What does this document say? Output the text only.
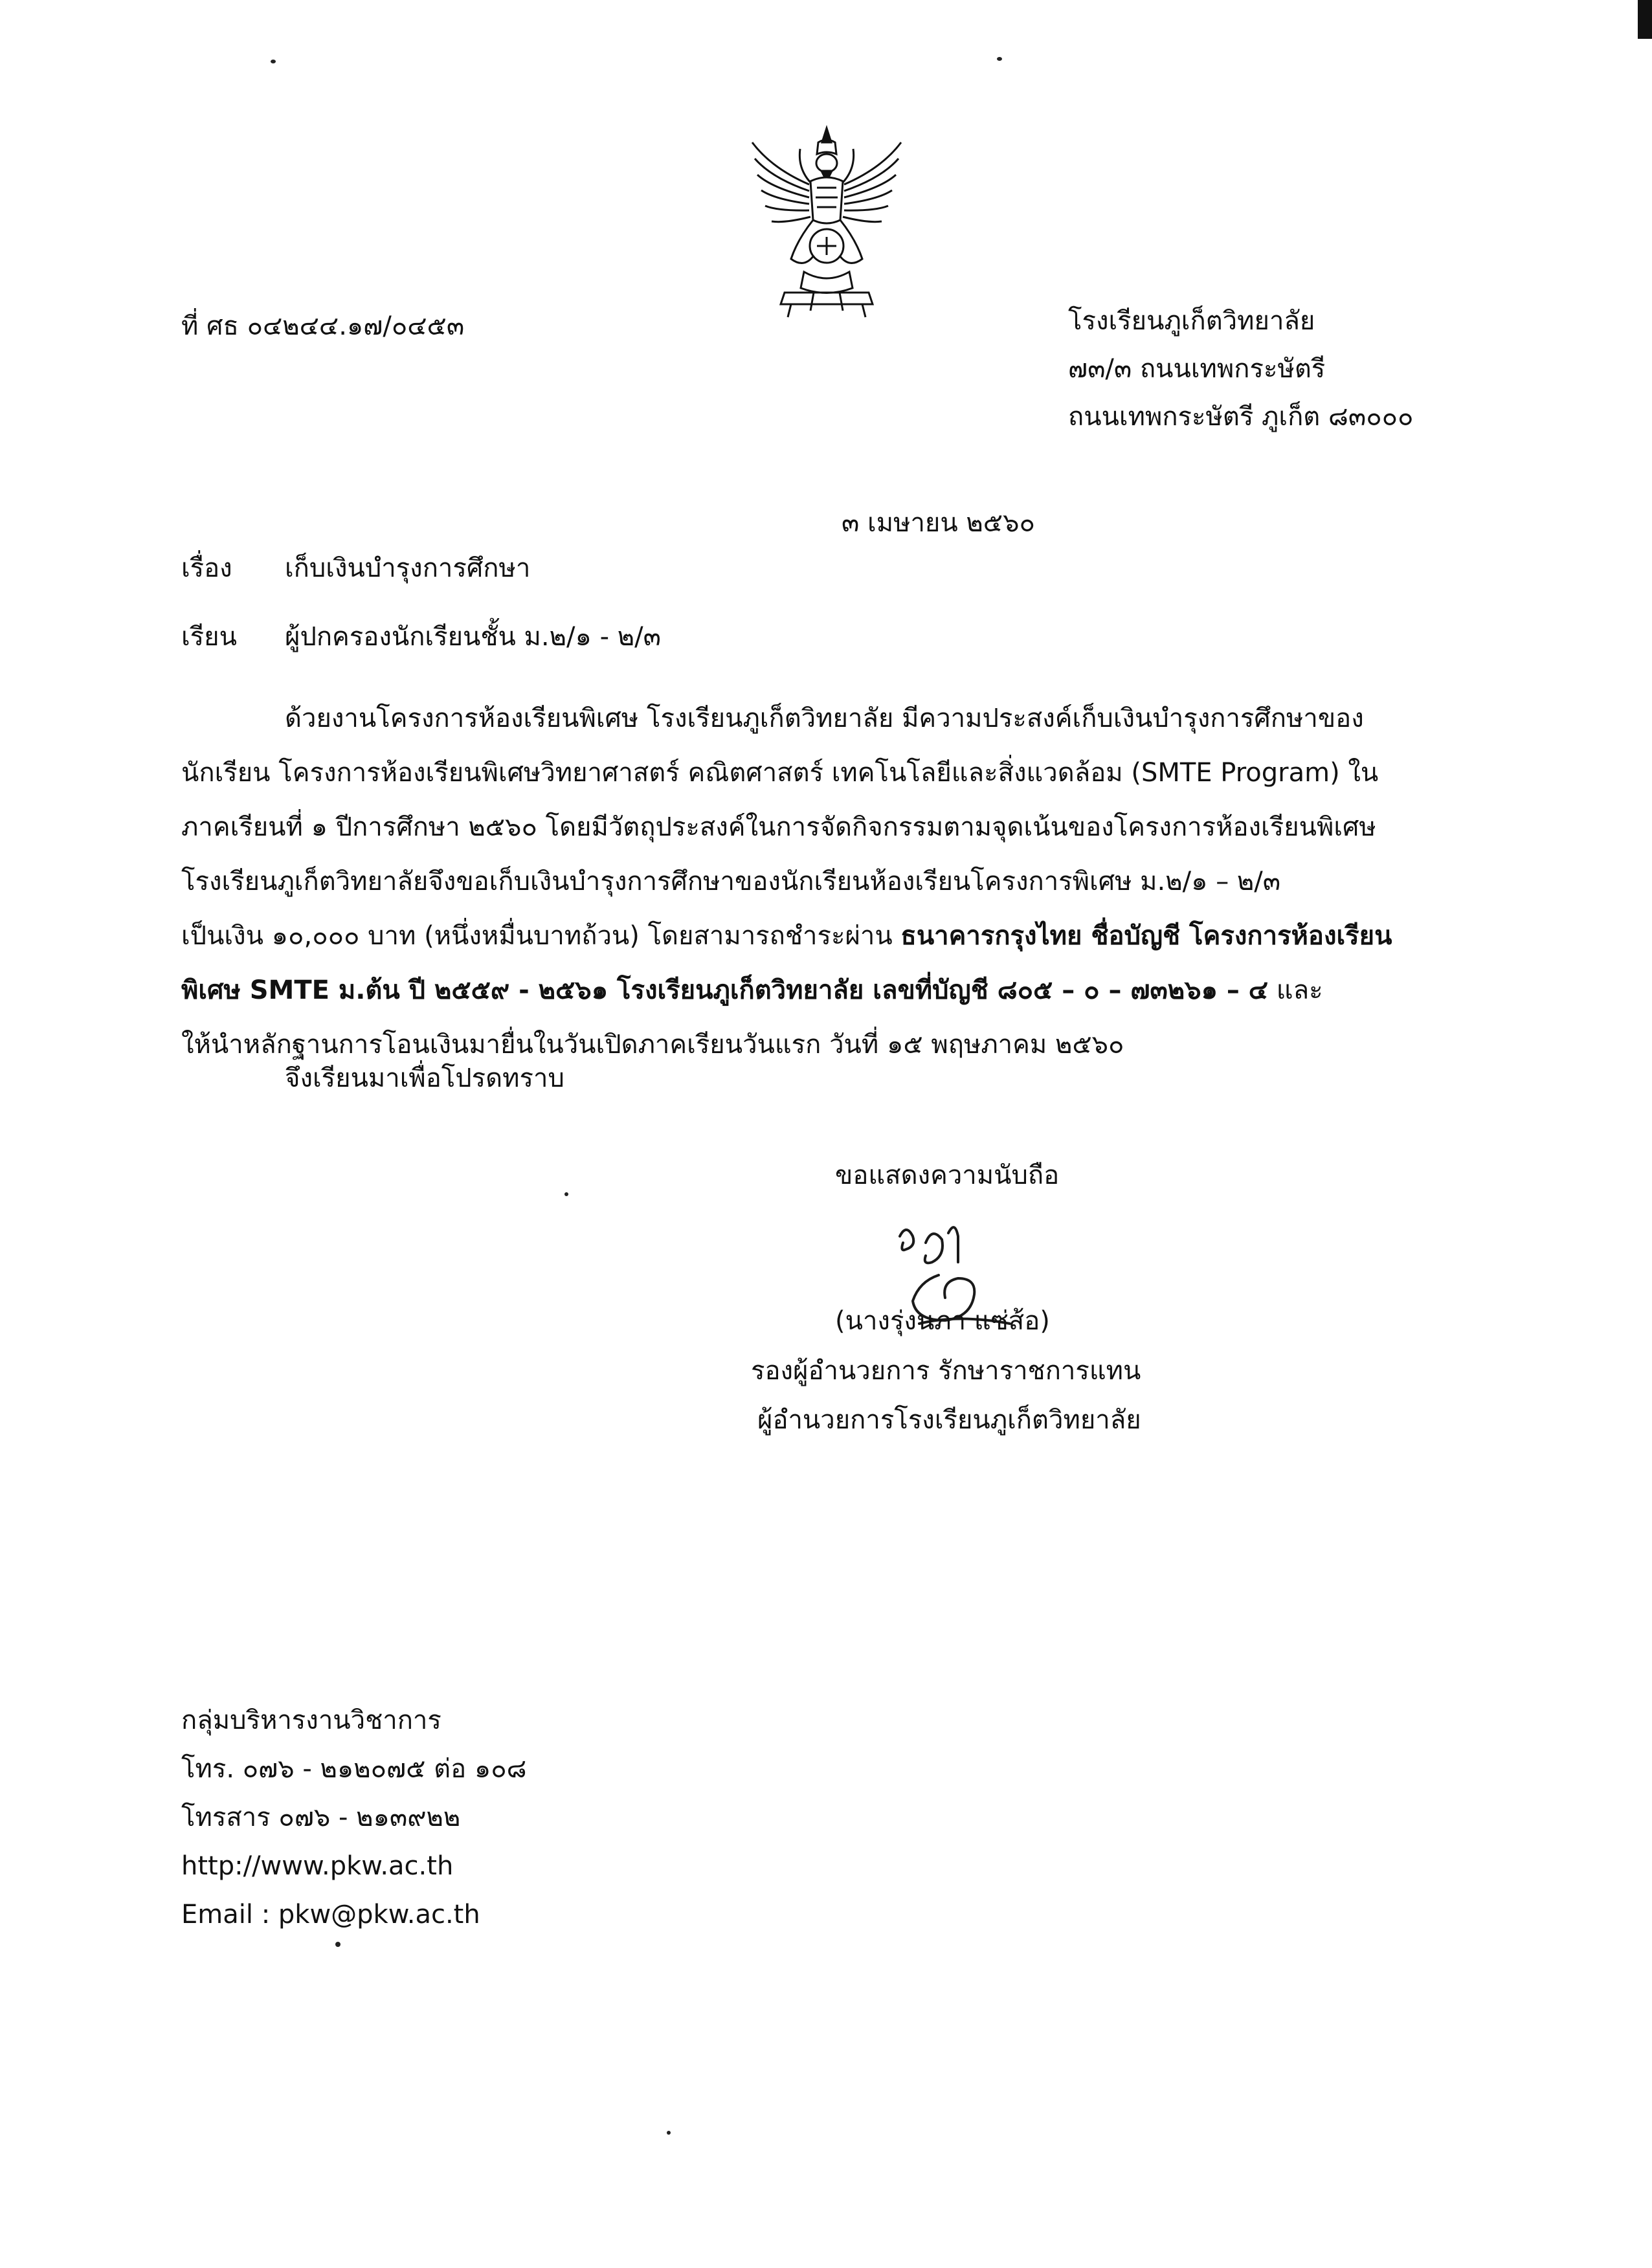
ที่ ศธ ๐๔๒๔๔.๑๗/๐๔๕๓	โรงเรียนภูเก็ตวิทยาลัย
๗๓/๓ ถนนเทพกระษัตรี
ถนนเทพกระษัตรี ภูเก็ต ๘๓๐๐๐
๓ เมษายน ๒๕๖๐
เรื่อง เก็บเงินบำรุงการศึกษา
เรียน ผู้ปกครองนักเรียนชั้น ม.๒/๑ - ๒/๓
ด้วยงานโครงการห้องเรียนพิเศษ โรงเรียนภูเก็ตวิทยาลัย มีความประสงค์เก็บเงินบำรุงการศึกษาของ
นักเรียน โครงการห้องเรียนพิเศษวิทยาศาสตร์ คณิตศาสตร์ เทคโนโลยีและสิ่งแวดล้อม (SMTE Program) ใน
ภาคเรียนที่ ๑ ปีการศึกษา ๒๕๖๐ โดยมีวัตถุประสงค์ในการจัดกิจกรรมตามจุดเน้นของโครงการห้องเรียนพิเศษ
โรงเรียนภูเก็ตวิทยาลัยจึงขอเก็บเงินบำรุงการศึกษาของนักเรียนห้องเรียนโครงการพิเศษ ม.๒/๑ – ๒/๓
เป็นเงิน ๑๐,๐๐๐ บาท (หนึ่งหมื่นบาทถ้วน) โดยสามารถชำระผ่าน ธนาคารกรุงไทย ชื่อบัญชี โครงการห้องเรียน
พิเศษ SMTE ม.ต้น ปี ๒๕๕๙ - ๒๕๖๑ โรงเรียนภูเก็ตวิทยาลัย เลขที่บัญชี ๘๐๕ – ๐ – ๗๓๒๖๑ – ๔ และ
ให้นำหลักฐานการโอนเงินมายื่นในวันเปิดภาคเรียนวันแรก วันที่ ๑๕ พฤษภาคม ๒๕๖๐
จึงเรียนมาเพื่อโปรดทราบ
ขอแสดงความนับถือ
(นางรุ่งนภา แซ่ส้อ)
รองผู้อำนวยการ รักษาราชการแทน
ผู้อำนวยการโรงเรียนภูเก็ตวิทยาลัย
กลุ่มบริหารงานวิชาการ
โทร. ๐๗๖ - ๒๑๒๐๗๕ ต่อ ๑๐๘
โทรสาร ๐๗๖ - ๒๑๓๙๒๒
http://www.pkw.ac.th
Email : pkw@pkw.ac.th
